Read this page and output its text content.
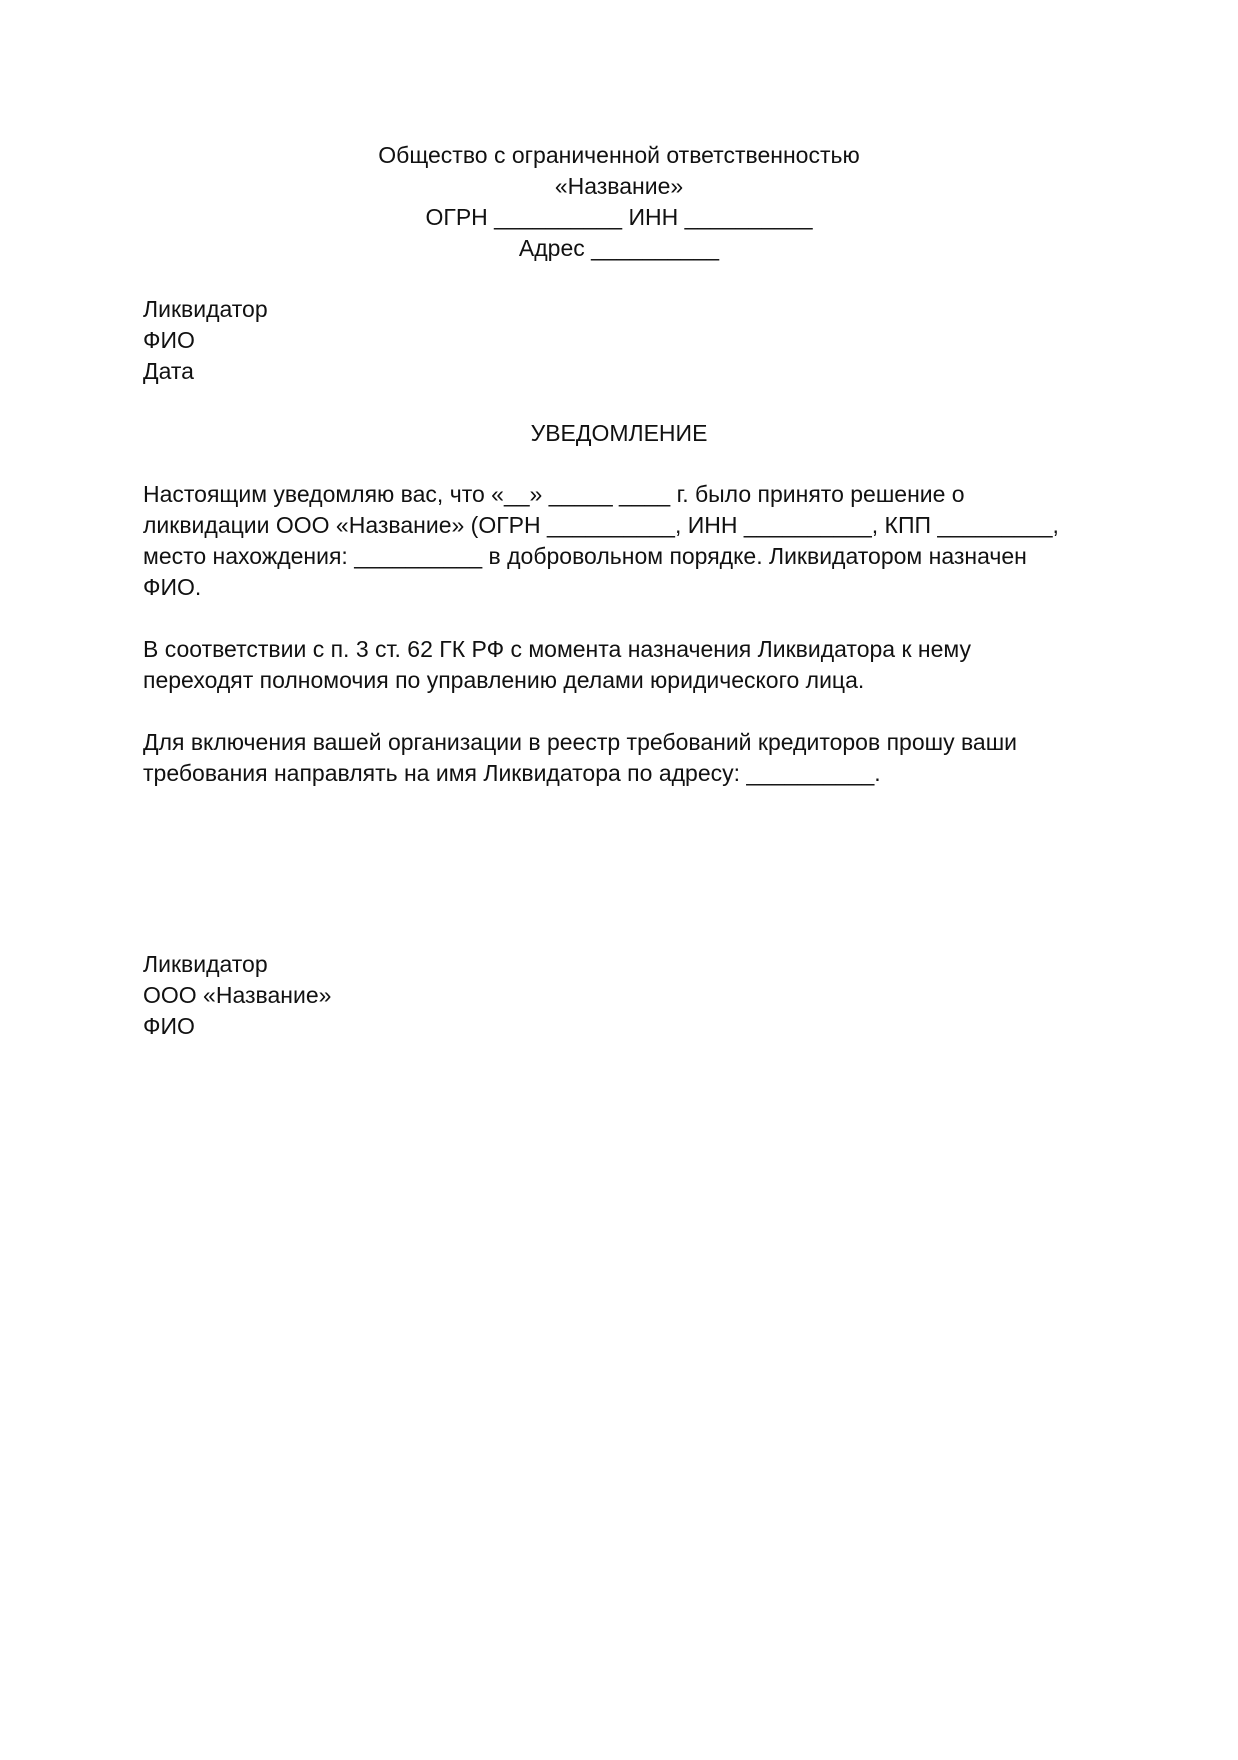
Общество с ограниченной ответственностью
«Название»
ОГРН __________ ИНН __________
Адрес __________
Ликвидатор
ФИО
Дата
УВЕДОМЛЕНИЕ

Настоящим уведомляю вас, что «__» _____ ____ г. было принято решение о
ликвидации ООО «Название» (ОГРН __________, ИНН __________, КПП _________,
место нахождения: __________ в добровольном порядке. Ликвидатором назначен
ФИО.

В соответствии с п. 3 ст. 62 ГК РФ с момента назначения Ликвидатора к нему
переходят полномочия по управлению делами юридического лица.

Для включения вашей организации в реестр требований кредиторов прошу ваши
требования направлять на имя Ликвидатора по адресу: __________.

Ликвидатор
ООО «Название»
ФИО
